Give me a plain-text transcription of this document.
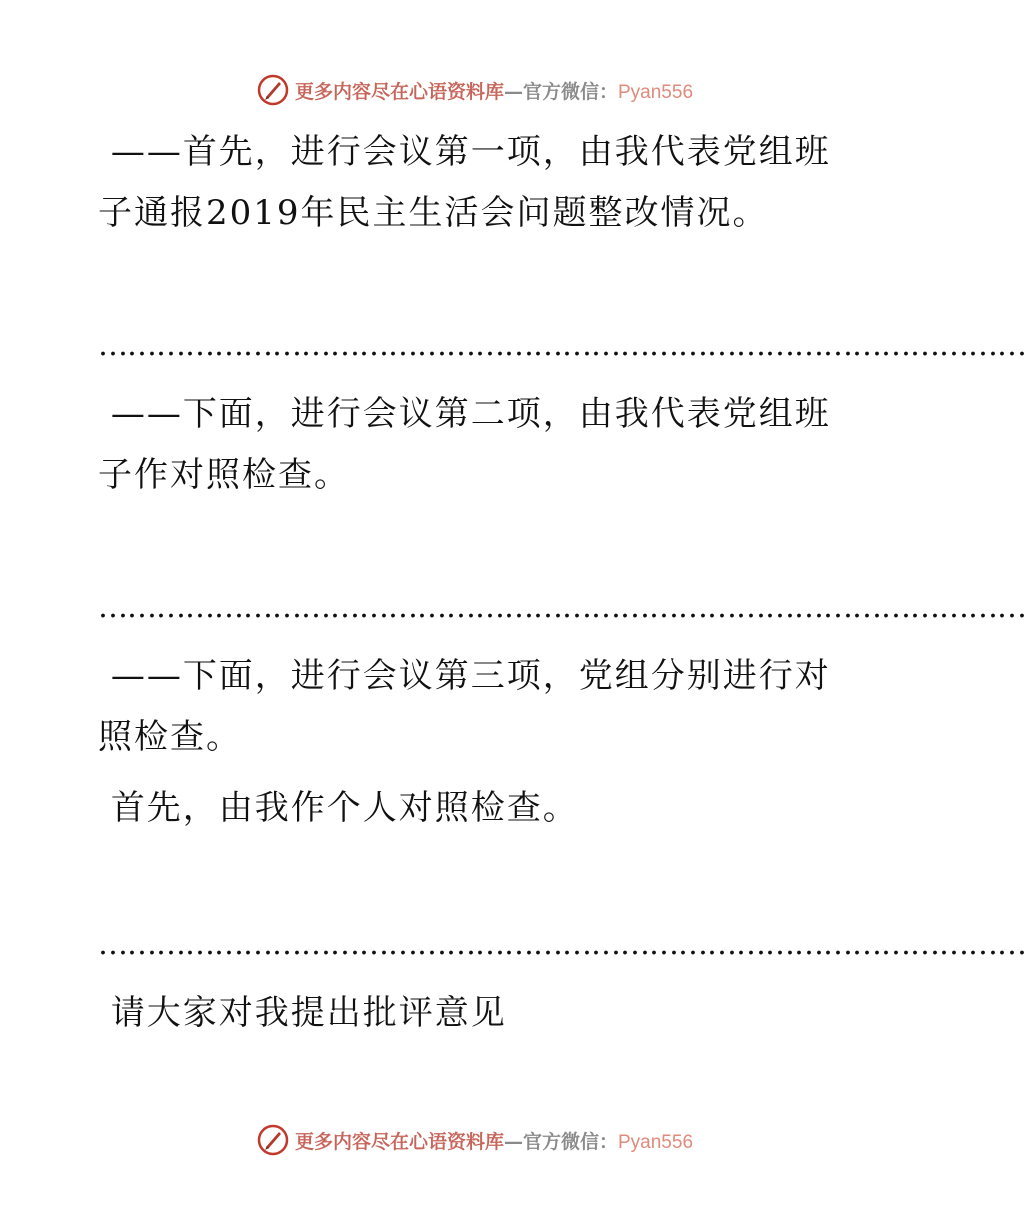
更多内容尽在心语资料库—官方微信：Pyan556

——首先，进行会议第一项，由我代表党组班子通报2019年民主生活会问题整改情况。

……………………………………………………………………………………

——下面，进行会议第二项，由我代表党组班子作对照检查。

……………………………………………………………………………………

——下面，进行会议第三项，党组分别进行对照检查。

首先，由我作个人对照检查。

……………………………………………………………………………………

请大家对我提出批评意见

更多内容尽在心语资料库—官方微信：Pyan556
